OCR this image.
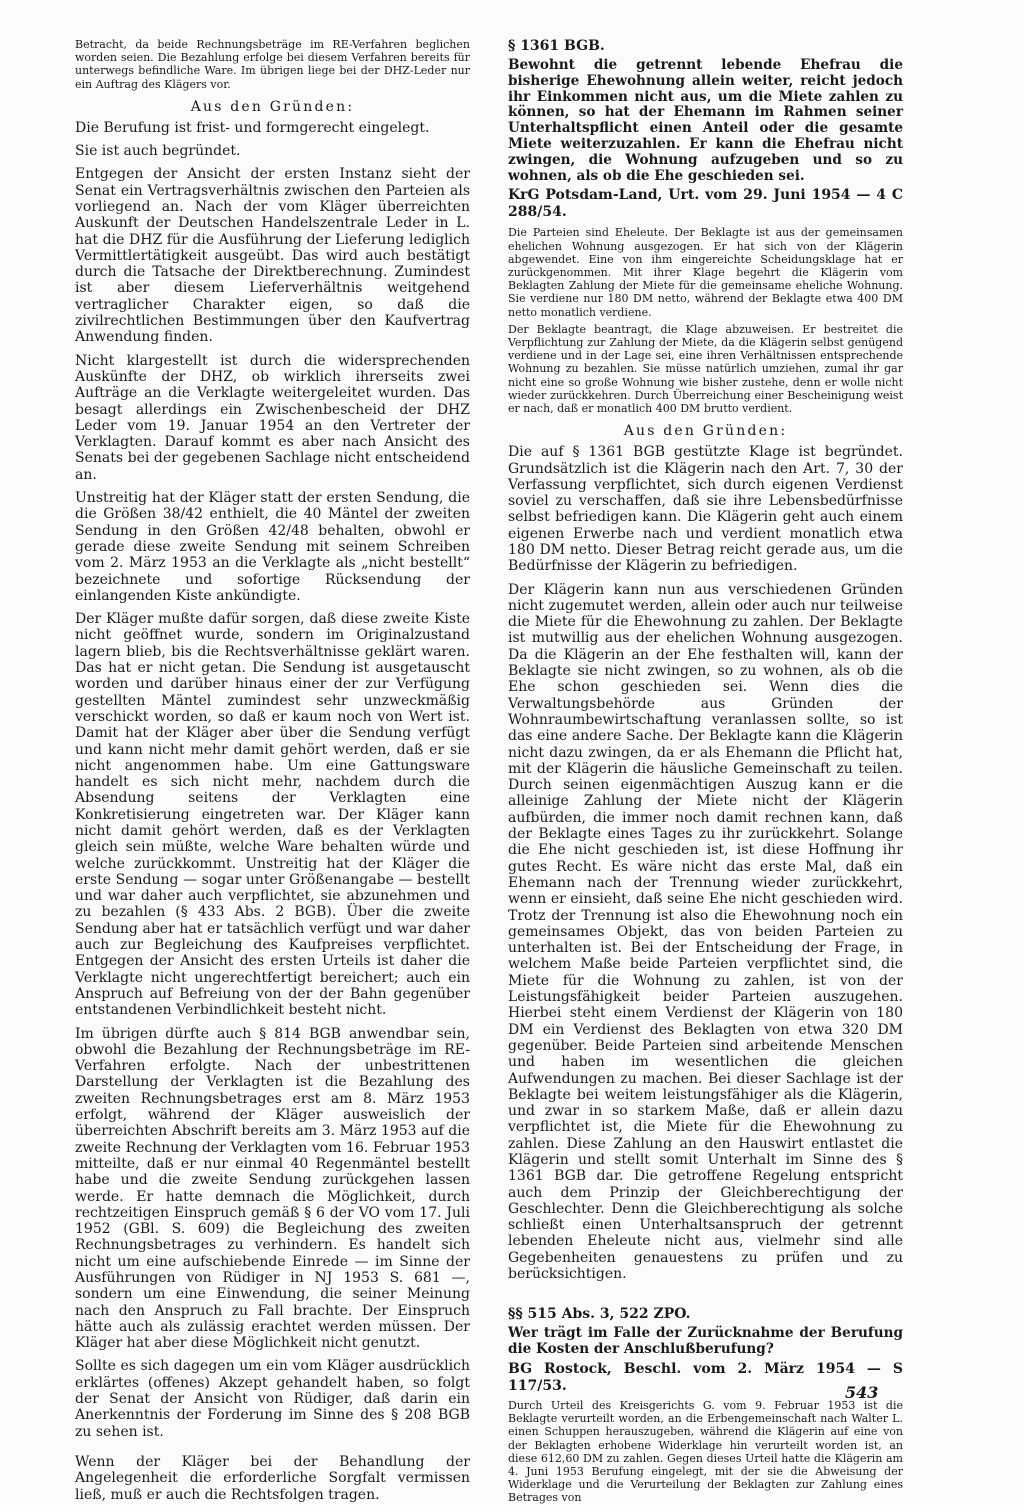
Betracht, da beide Rechnungsbeträge im RE-Verfahren beglichen worden seien. Die Bezahlung erfolge bei diesem Verfahren bereits für unterwegs befindliche Ware. Im übrigen liege bei der DHZ-Leder nur ein Auftrag des Klägers vor.

Aus den Gründen:

Die Berufung ist frist- und formgerecht eingelegt.

Sie ist auch begründet.

Entgegen der Ansicht der ersten Instanz sieht der Senat ein Vertragsverhältnis zwischen den Parteien als vorliegend an. Nach der vom Kläger überreichten Auskunft der Deutschen Handelszentrale Leder in L. hat die DHZ für die Ausführung der Lieferung lediglich Vermittlertätigkeit ausgeübt. Das wird auch bestätigt durch die Tatsache der Direktberechnung. Zumindest ist aber diesem Lieferverhältnis weitgehend vertraglicher Charakter eigen, so daß die zivilrechtlichen Bestimmungen über den Kaufvertrag Anwendung finden.

Nicht klargestellt ist durch die widersprechenden Auskünfte der DHZ, ob wirklich ihrerseits zwei Aufträge an die Verklagte weitergeleitet wurden. Das besagt allerdings ein Zwischenbescheid der DHZ Leder vom 19. Januar 1954 an den Vertreter der Verklagten. Darauf kommt es aber nach Ansicht des Senats bei der gegebenen Sachlage nicht entscheidend an.

Unstreitig hat der Kläger statt der ersten Sendung, die die Größen 38/42 enthielt, die 40 Mäntel der zweiten Sendung in den Größen 42/48 behalten, obwohl er gerade diese zweite Sendung mit seinem Schreiben vom 2. März 1953 an die Verklagte als „nicht bestellt“ bezeichnete und sofortige Rücksendung der einlangenden Kiste ankündigte.

Der Kläger mußte dafür sorgen, daß diese zweite Kiste nicht geöffnet wurde, sondern im Originalzustand lagern blieb, bis die Rechtsverhältnisse geklärt waren. Das hat er nicht getan. Die Sendung ist ausgetauscht worden und darüber hinaus einer der zur Verfügung gestellten Mäntel zumindest sehr unzweckmäßig verschickt worden, so daß er kaum noch von Wert ist. Damit hat der Kläger aber über die Sendung verfügt und kann nicht mehr damit gehört werden, daß er sie nicht angenommen habe. Um eine Gattungsware handelt es sich nicht mehr, nachdem durch die Absendung seitens der Verklagten eine Konkretisierung eingetreten war. Der Kläger kann nicht damit gehört werden, daß es der Verklagten gleich sein müßte, welche Ware behalten würde und welche zurückkommt. Unstreitig hat der Kläger die erste Sendung — sogar unter Größenangabe — bestellt und war daher auch verpflichtet, sie abzunehmen und zu bezahlen (§ 433 Abs. 2 BGB). Über die zweite Sendung aber hat er tatsächlich verfügt und war daher auch zur Begleichung des Kaufpreises verpflichtet. Entgegen der Ansicht des ersten Urteils ist daher die Verklagte nicht ungerechtfertigt bereichert; auch ein Anspruch auf Befreiung von der der Bahn gegenüber entstandenen Verbindlichkeit besteht nicht.

Im übrigen dürfte auch § 814 BGB anwendbar sein, obwohl die Bezahlung der Rechnungsbeträge im RE-Verfahren erfolgte. Nach der unbestrittenen Darstellung der Verklagten ist die Bezahlung des zweiten Rechnungsbetrages erst am 8. März 1953 erfolgt, während der Kläger ausweislich der überreichten Abschrift bereits am 3. März 1953 auf die zweite Rechnung der Verklagten vom 16. Februar 1953 mitteilte, daß er nur einmal 40 Regenmäntel bestellt habe und die zweite Sendung zurückgehen lassen werde. Er hatte demnach die Möglichkeit, durch rechtzeitigen Einspruch gemäß § 6 der VO vom 17. Juli 1952 (GBl. S. 609) die Begleichung des zweiten Rechnungsbetrages zu verhindern. Es handelt sich nicht um eine aufschiebende Einrede — im Sinne der Ausführungen von Rüdiger in NJ 1953 S. 681 —, sondern um eine Einwendung, die seiner Meinung nach den Anspruch zu Fall brachte. Der Einspruch hätte auch als zulässig erachtet werden müssen. Der Kläger hat aber diese Möglichkeit nicht genutzt.

Sollte es sich dagegen um ein vom Kläger ausdrücklich erklärtes (offenes) Akzept gehandelt haben, so folgt der Senat der Ansicht von Rüdiger, daß darin ein Anerkenntnis der Forderung im Sinne des § 208 BGB zu sehen ist.

Wenn der Kläger bei der Behandlung der Angelegenheit die erforderliche Sorgfalt vermissen ließ, muß er auch die Rechtsfolgen tragen.

§ 1361 BGB.

Bewohnt die getrennt lebende Ehefrau die bisherige Ehewohnung allein weiter, reicht jedoch ihr Einkommen nicht aus, um die Miete zahlen zu können, so hat der Ehemann im Rahmen seiner Unterhaltspflicht einen Anteil oder die gesamte Miete weiterzuzahlen. Er kann die Ehefrau nicht zwingen, die Wohnung aufzugeben und so zu wohnen, als ob die Ehe geschieden sei.

KrG Potsdam-Land, Urt. vom 29. Juni 1954 — 4 C 288/54.

Die Parteien sind Eheleute. Der Beklagte ist aus der gemeinsamen ehelichen Wohnung ausgezogen. Er hat sich von der Klägerin abgewendet. Eine von ihm eingereichte Scheidungsklage hat er zurückgenommen. Mit ihrer Klage begehrt die Klägerin vom Beklagten Zahlung der Miete für die gemeinsame eheliche Wohnung. Sie verdiene nur 180 DM netto, während der Beklagte etwa 400 DM netto monatlich verdiene.

Der Beklagte beantragt, die Klage abzuweisen. Er bestreitet die Verpflichtung zur Zahlung der Miete, da die Klägerin selbst genügend verdiene und in der Lage sei, eine ihren Verhältnissen entsprechende Wohnung zu bezahlen. Sie müsse natürlich umziehen, zumal ihr gar nicht eine so große Wohnung wie bisher zustehe, denn er wolle nicht wieder zurückkehren. Durch Überreichung einer Bescheinigung weist er nach, daß er monatlich 400 DM brutto verdient.

Aus den Gründen:

Die auf § 1361 BGB gestützte Klage ist begründet. Grundsätzlich ist die Klägerin nach den Art. 7, 30 der Verfassung verpflichtet, sich durch eigenen Verdienst soviel zu verschaffen, daß sie ihre Lebensbedürfnisse selbst befriedigen kann. Die Klägerin geht auch einem eigenen Erwerbe nach und verdient monatlich etwa 180 DM netto. Dieser Betrag reicht gerade aus, um die Bedürfnisse der Klägerin zu befriedigen.

Der Klägerin kann nun aus verschiedenen Gründen nicht zugemutet werden, allein oder auch nur teilweise die Miete für die Ehewohnung zu zahlen. Der Beklagte ist mutwillig aus der ehelichen Wohnung ausgezogen. Da die Klägerin an der Ehe festhalten will, kann der Beklagte sie nicht zwingen, so zu wohnen, als ob die Ehe schon geschieden sei. Wenn dies die Verwaltungsbehörde aus Gründen der Wohnraumbewirtschaftung veranlassen sollte, so ist das eine andere Sache. Der Beklagte kann die Klägerin nicht dazu zwingen, da er als Ehemann die Pflicht hat, mit der Klägerin die häusliche Gemeinschaft zu teilen. Durch seinen eigenmächtigen Auszug kann er die alleinige Zahlung der Miete nicht der Klägerin aufbürden, die immer noch damit rechnen kann, daß der Beklagte eines Tages zu ihr zurückkehrt. Solange die Ehe nicht geschieden ist, ist diese Hoffnung ihr gutes Recht. Es wäre nicht das erste Mal, daß ein Ehemann nach der Trennung wieder zurückkehrt, wenn er einsieht, daß seine Ehe nicht geschieden wird. Trotz der Trennung ist also die Ehewohnung noch ein gemeinsames Objekt, das von beiden Parteien zu unterhalten ist. Bei der Entscheidung der Frage, in welchem Maße beide Parteien verpflichtet sind, die Miete für die Wohnung zu zahlen, ist von der Leistungsfähigkeit beider Parteien auszugehen. Hierbei steht einem Verdienst der Klägerin von 180 DM ein Verdienst des Beklagten von etwa 320 DM gegenüber. Beide Parteien sind arbeitende Menschen und haben im wesentlichen die gleichen Aufwendungen zu machen. Bei dieser Sachlage ist der Beklagte bei weitem leistungsfähiger als die Klägerin, und zwar in so starkem Maße, daß er allein dazu verpflichtet ist, die Miete für die Ehewohnung zu zahlen. Diese Zahlung an den Hauswirt entlastet die Klägerin und stellt somit Unterhalt im Sinne des § 1361 BGB dar. Die getroffene Regelung entspricht auch dem Prinzip der Gleichberechtigung der Geschlechter. Denn die Gleichberechtigung als solche schließt einen Unterhaltsanspruch der getrennt lebenden Eheleute nicht aus, vielmehr sind alle Gegebenheiten genauestens zu prüfen und zu berücksichtigen.

§§ 515 Abs. 3, 522 ZPO.

Wer trägt im Falle der Zurücknahme der Berufung die Kosten der Anschlußberufung?

BG Rostock, Beschl. vom 2. März 1954 — S 117/53.

Durch Urteil des Kreisgerichts G. vom 9. Februar 1953 ist die Beklagte verurteilt worden, an die Erbengemeinschaft nach Walter L. einen Schuppen herauszugeben, während die Klägerin auf eine von der Beklagten erhobene Widerklage hin verurteilt worden ist, an diese 612,60 DM zu zahlen. Gegen dieses Urteil hatte die Klägerin am 4. Juni 1953 Berufung eingelegt, mit der sie die Abweisung der Widerklage und die Verurteilung der Beklagten zur Zahlung eines Betrages von

543
